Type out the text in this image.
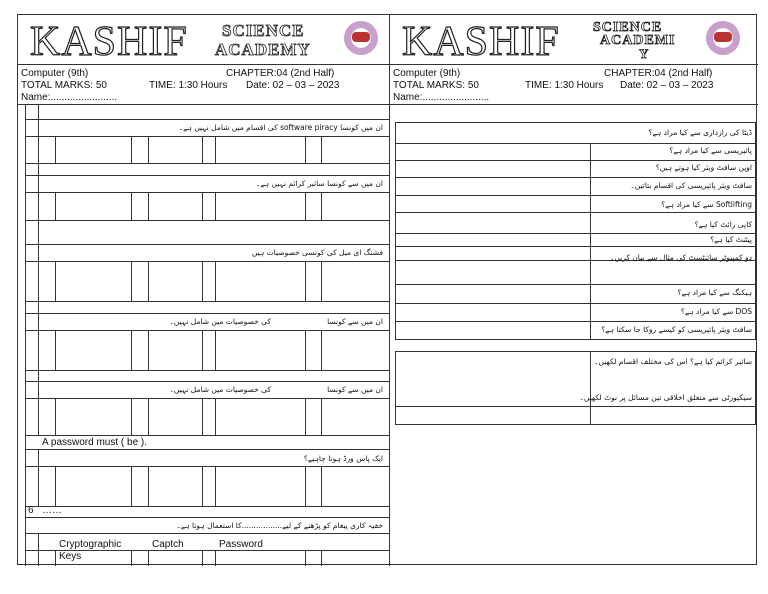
KASHIF SCIENCE
ACADEMY
Computer (9th)	CHAPTER:04 (2nd Half)
TOTAL MARKS: 50	TIME: 1:30 Hours Date: 02 – 03 – 2023
Name:........................
ان میں کونسا software piracy کی اقسام میں شامل نہیں ہے۔
ان میں سے کونسا سائبر کرائم نہیں ہے۔
فشنگ ای میل کی کونسی خصوصیات ہیں
ان میں سے کونسا
کی خصوصیات میں شامل نہیں۔
ان میں سے کونسا
کی خصوصیات میں شامل نہیں۔
A password must ( be ).
ایک پاس ورڈ ہونا چاہیے؟
6 ……
خفیہ کاری پیغام کو پڑھنے کے لیے.................کا استعمال ہوتا ہے۔
Cryptographic Keys
Captch	Password
KASHIF SCIENCE
ACADEMI
Y
Computer (9th)	CHAPTER:04 (2nd Half)
TOTAL MARKS: 50	TIME: 1:30 Hours Date: 02 – 03 – 2023
Name:........................
ڈیٹا کی رازداری سے کیا مراد ہے؟
پائیریسی سے کیا مراد ہے؟
اوپن سافٹ ویئر کیا ہوتے ہیں؟
سافٹ ویئر پائیریسی کی اقسام بتائیں۔
Softlifting سے کیا مراد ہے؟
کاپی رائٹ کیا ہے؟
پیٹنٹ کیا ہے؟
دو کمپیوٹر سائنٹسٹ کی مثال سے بیان کریں۔
ہیکنگ سے کیا مراد ہے؟
DOS سے کیا مراد ہے؟
سافٹ ویئر پائیریسی کو کیسے روکا جا سکتا ہے؟
سائبر کرائم کیا ہے؟ اس کی مختلف اقسام لکھیں۔
سیکیورٹی سے متعلق اخلاقی تین مسائل پر نوٹ لکھیں۔
